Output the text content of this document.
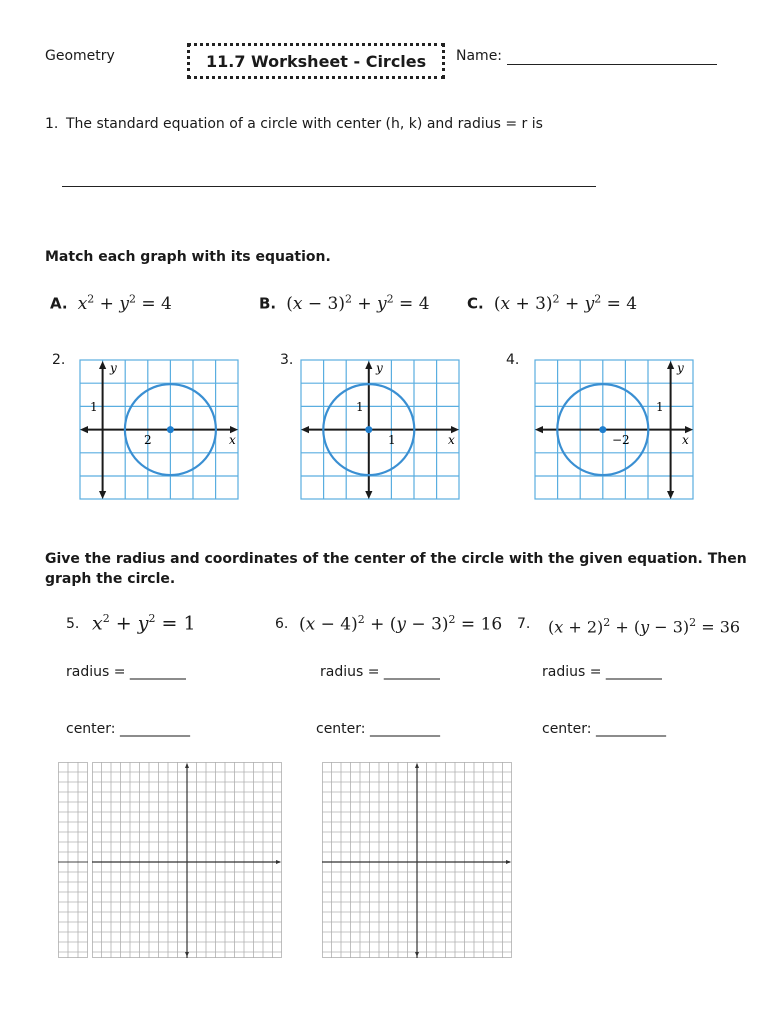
Geometry	11.7 Worksheet - Circles	Name:
1. The standard equation of a circle with center (h, k) and radius = r is
Match each graph with its equation.
A. $x^2 + y^2 = 4$	B. $(x - 3)^2 + y^2 = 4$ C. $(x + 3)^2 + y^2 = 4$
2.	3.	4.
y
x
2
1
y
x
1
1
y
x
−2
1
Give the radius and coordinates of the center of the circle with the given equation. Then
graph the circle.
5. $x^2 + y^2 = 1$	6. $(x - 4)^2 + (y - 3)^2 = 16$ 7. $(x + 2)^2 + (y - 3)^2 = 36$
radius = ________	radius = ________	radius = ________
center: __________	center: __________	center: __________
